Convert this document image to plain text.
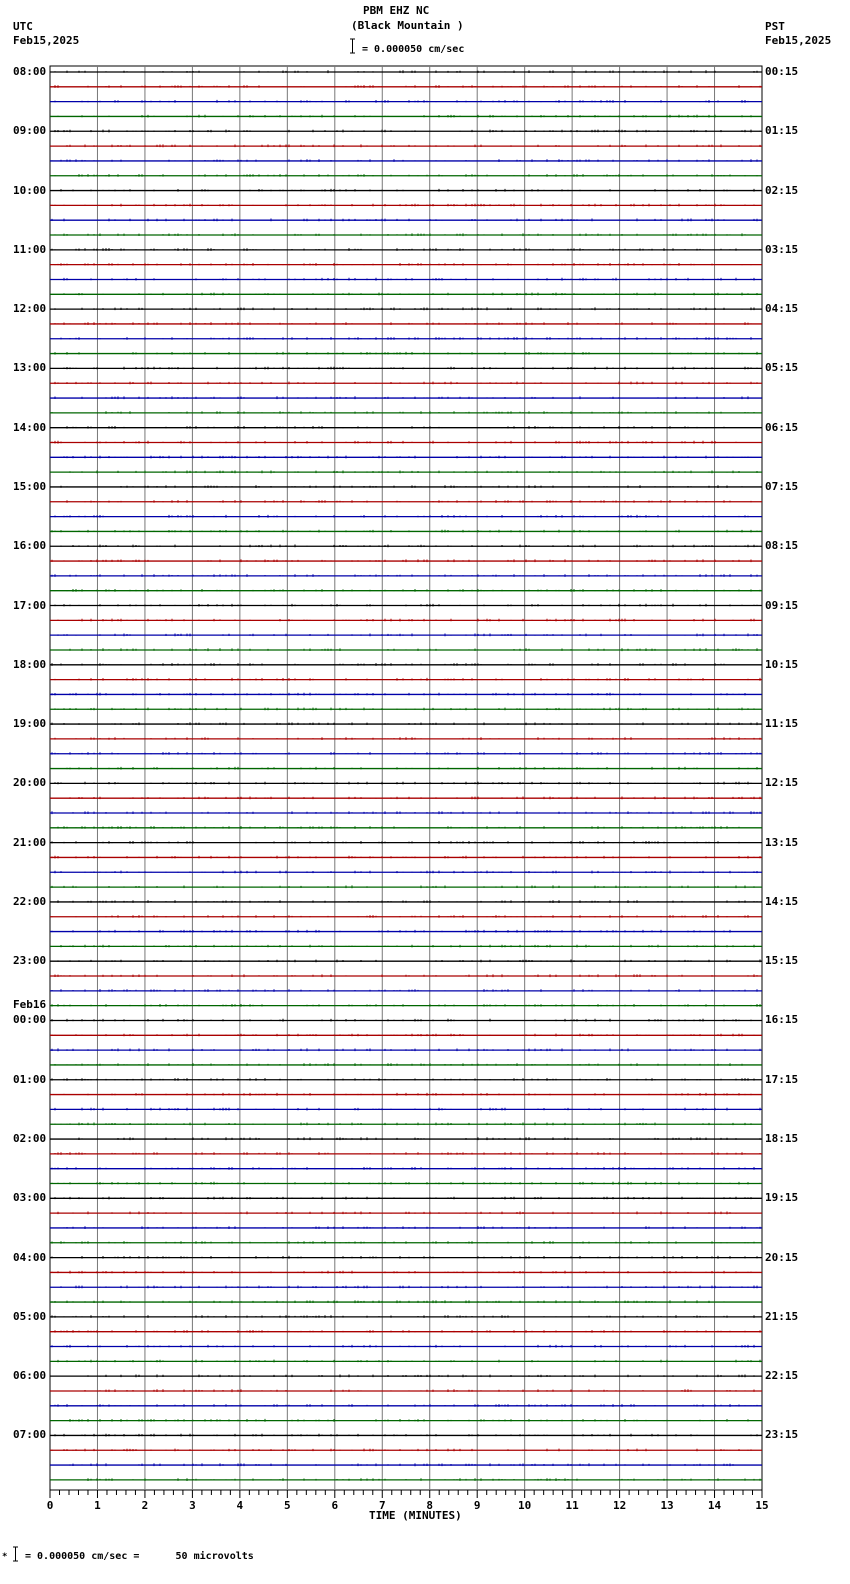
PBM EHZ NC
(Black Mountain )
= 0.000050 cm/sec
UTC
Feb15,2025
PST
Feb15,2025
0	1	2	3	4	5	6	7	8	9	10	11	12	13	14	15
08:00
09:00
10:00
11:00
12:00
13:00
14:00
15:00
16:00
17:00
18:00
19:00
20:00
21:00
22:00
23:00
00:00
Feb16
01:00
02:00
03:00
04:00
05:00
06:00
07:00
00:15
01:15
02:15
03:15
04:15
05:15
06:15
07:15
08:15
09:15
10:15
11:15
12:15
13:15
14:15
15:15
16:15
17:15
18:15
19:15
20:15
21:15
22:15
23:15
TIME (MINUTES)
* = 0.000050 cm/sec =      50 microvolts
